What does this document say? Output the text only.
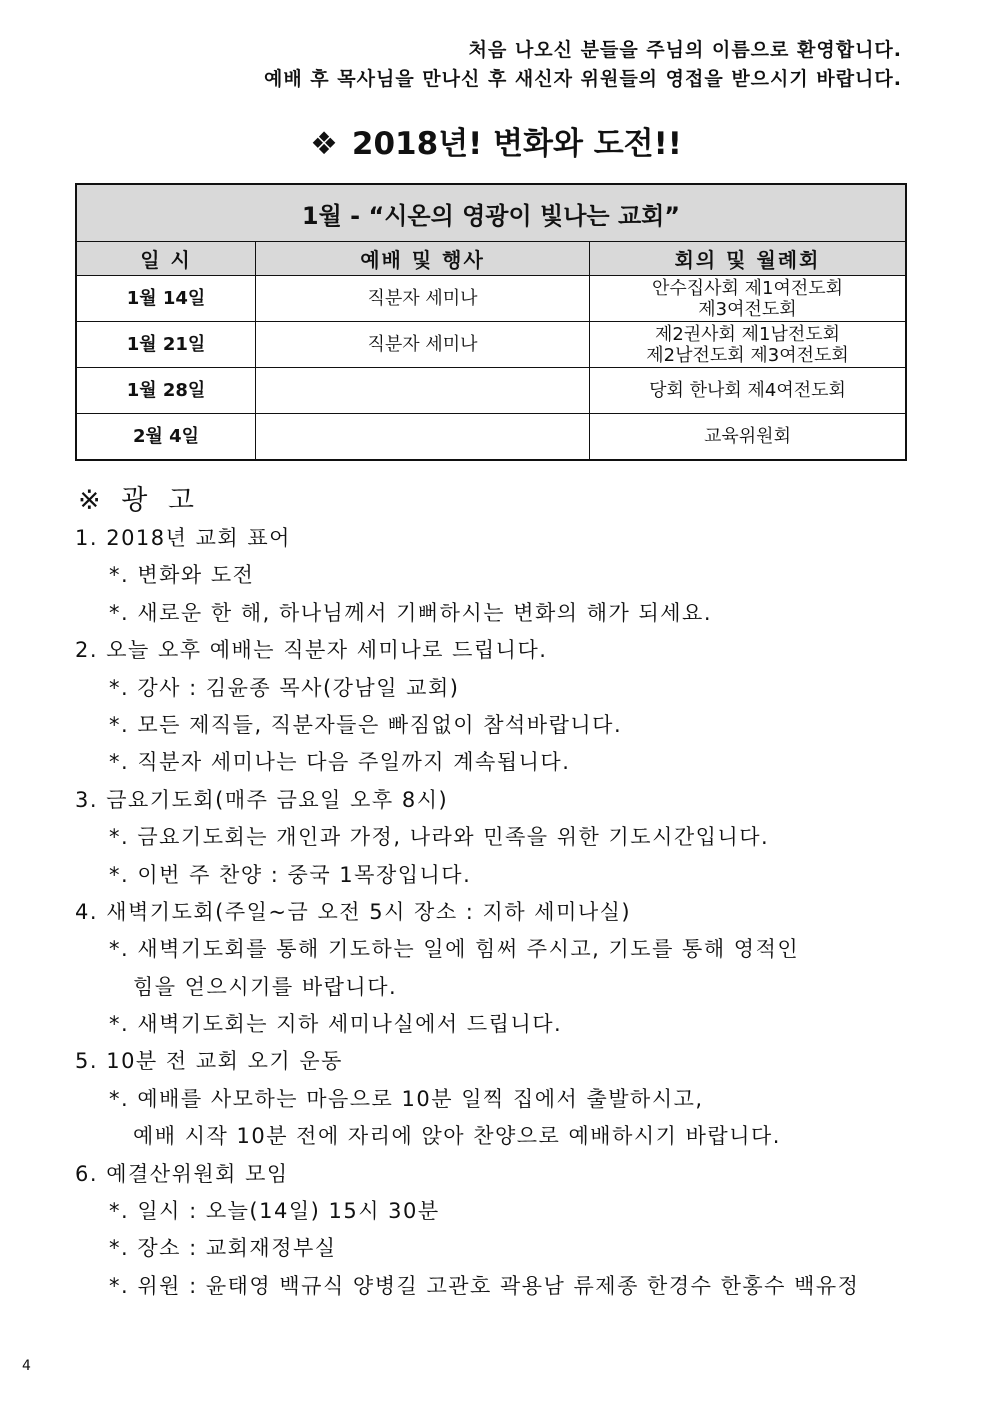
처음 나오신 분들을 주님의 이름으로 환영합니다.
예배 후 목사님을 만나신 후 새신자 위원들의 영접을 받으시기 바랍니다.
❖ 2018년! 변화와 도전!!
1월 - “시온의 영광이 빛나는 교회”		
일 시	예배 및 행사	회의 및 월례회
1월 14일	직분자 세미나	안수집사회 제1여전도회
제3여전도회

1월 21일	직분자 세미나	제2권사회 제1남전도회
제2남전도회 제3여전도회

1월 28일		당회 한나회 제4여전도회
2월 4일		교육위원회
※ 광 고
1. 2018년 교회 표어
*. 변화와 도전
*. 새로운 한 해, 하나님께서 기뻐하시는 변화의 해가 되세요.
2. 오늘 오후 예배는 직분자 세미나로 드립니다.
*. 강사 : 김윤종 목사(강남일 교회)
*. 모든 제직들, 직분자들은 빠짐없이 참석바랍니다.
*. 직분자 세미나는 다음 주일까지 계속됩니다.
3. 금요기도회(매주 금요일 오후 8시)
*. 금요기도회는 개인과 가정, 나라와 민족을 위한 기도시간입니다.
*. 이번 주 찬양 : 중국 1목장입니다.
4. 새벽기도회(주일~금 오전 5시 장소 : 지하 세미나실)
*. 새벽기도회를 통해 기도하는 일에 힘써 주시고, 기도를 통해 영적인
힘을 얻으시기를 바랍니다.
*. 새벽기도회는 지하 세미나실에서 드립니다.
5. 10분 전 교회 오기 운동
*. 예배를 사모하는 마음으로 10분 일찍 집에서 출발하시고,
예배 시작 10분 전에 자리에 앉아 찬양으로 예배하시기 바랍니다.
6. 예결산위원회 모임
*. 일시 : 오늘(14일) 15시 30분
*. 장소 : 교회재정부실
*. 위원 : 윤태영 백규식 양병길 고관호 곽용남 류제종 한경수 한홍수 백유정
4
